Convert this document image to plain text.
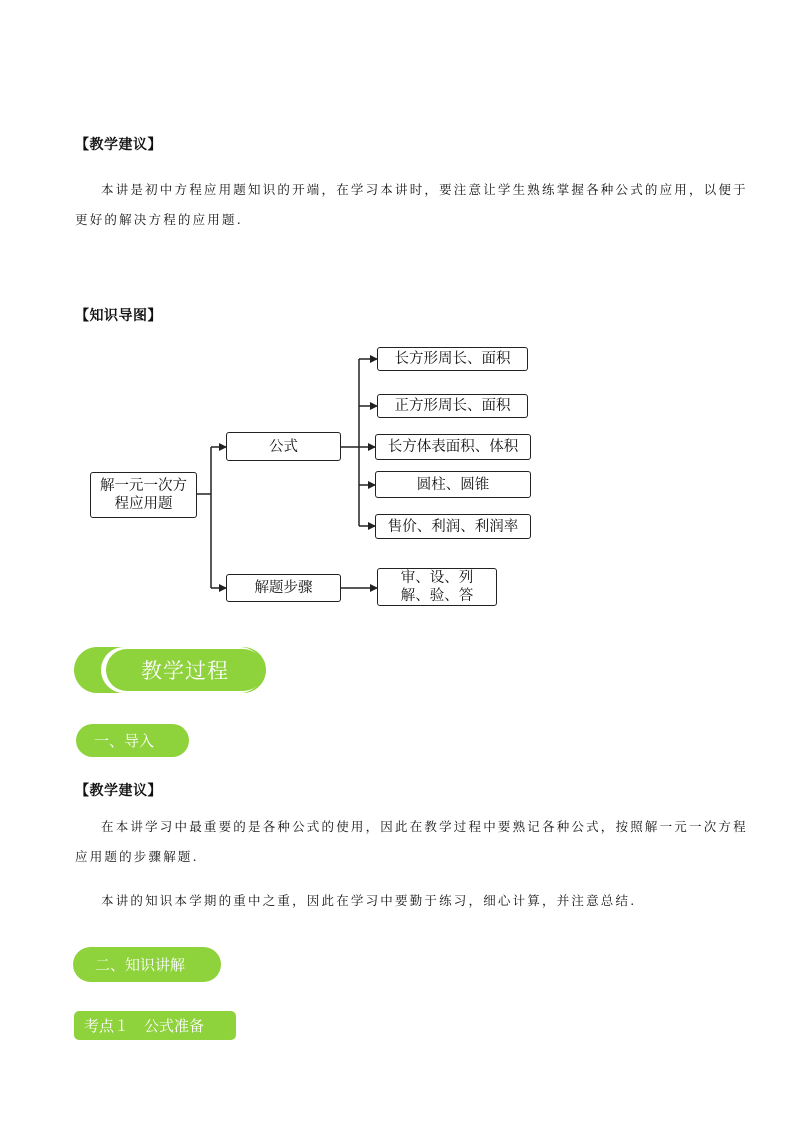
【教学建议】
本讲是初中方程应用题知识的开端，在学习本讲时，要注意让学生熟练掌握各种公式的应用，以便于
更好的解决方程的应用题.
【知识导图】
解一元一次方
程应用题
公式
解题步骤
长方形周长、面积
正方形周长、面积
长方体表面积、体积
圆柱、圆锥
售价、利润、利润率
审、设、列
解、验、答
教学过程
一、导入
【教学建议】
在本讲学习中最重要的是各种公式的使用，因此在教学过程中要熟记各种公式，按照解一元一次方程
应用题的步骤解题.
本讲的知识本学期的重中之重，因此在学习中要勤于练习，细心计算，并注意总结.
二、知识讲解
考点１　公式准备
